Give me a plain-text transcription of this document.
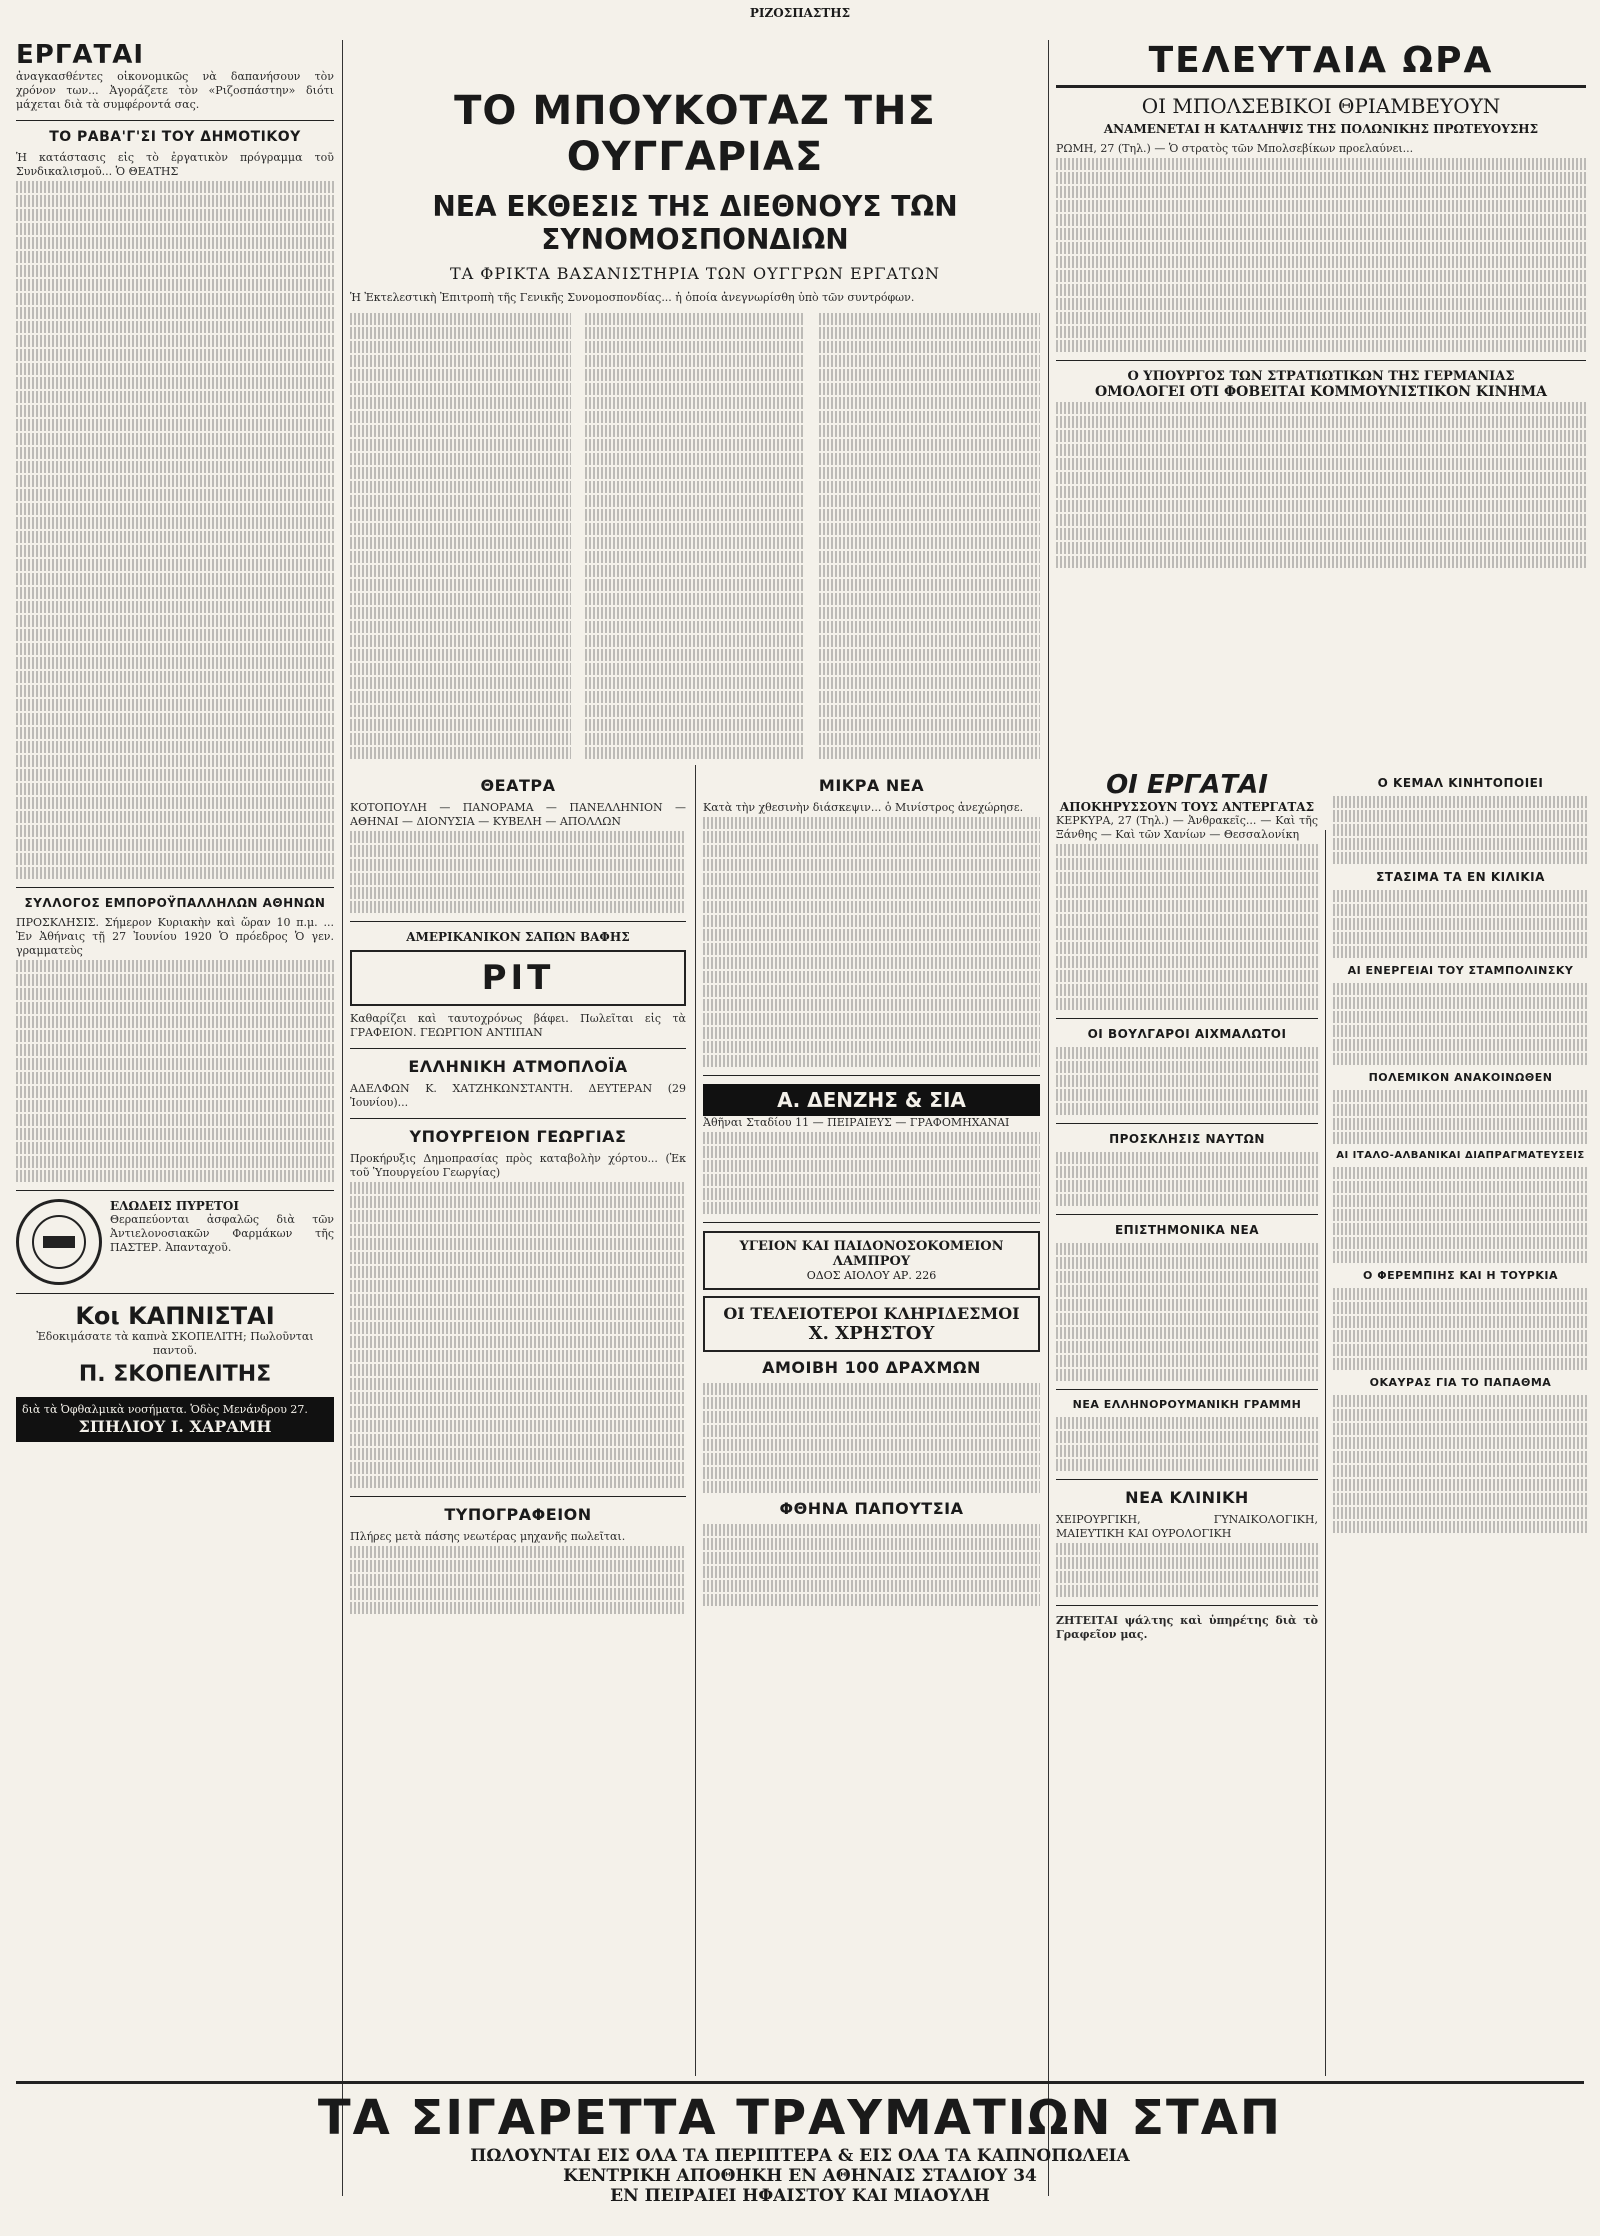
ΡΙΖΟΣΠΑΣΤΗΣ
ΕΡΓΑΤΑΙ
ἀναγκασθέντες οἰκονομικῶς νὰ δαπανήσουν τὸν χρόνον των... Ἀγοράζετε τὸν «Ριζοσπάστην» διότι μάχεται διὰ τὰ συμφέροντά σας.
ΤΟ ΡΑΒΑ'Γ'ΣΙ ΤΟΥ ΔΗΜΟΤΙΚΟΥ
Ἡ κατάστασις εἰς τὸ ἐργατικὸν πρόγραμμα τοῦ Συνδικαλισμοῦ... Ὁ ΘΕΑΤΗΣ
ΣΥΛΛΟΓΟΣ ΕΜΠΟΡΟΫΠΑΛΛΗΛΩΝ ΑΘΗΝΩΝ
ΠΡΟΣΚΛΗΣΙΣ. Σήμερον Κυριακὴν καὶ ὥραν 10 π.μ. ... Ἐν Ἀθήναις τῇ 27 Ἰουνίου 1920 Ὁ πρόεδρος Ὁ γεν. γραμματεὺς
ΕΛΩΔΕΙΣ ΠΥΡΕΤΟΙ
Θεραπεύονται ἀσφαλῶς διὰ τῶν Ἀντιελονοσιακῶν Φαρμάκων τῆς ΠΑΣΤΕΡ. Ἀπανταχοῦ.
Κοι ΚΑΠΝΙΣΤΑΙ
Ἐδοκιμάσατε τὰ καπνὰ ΣΚΟΠΕΛΙΤΗ; Πωλοῦνται παντοῦ.
Π. ΣΚΟΠΕΛΙΤΗΣ
διὰ τὰ Ὀφθαλμικὰ νοσήματα. Ὁδὸς Μενάνδρου 27.
ΣΠΗΛΙΟΥ Ι. ΧΑΡΑΜΗ
ΤΟ ΜΠΟΥΚΟΤΑΖ ΤΗΣ ΟΥΓΓΑΡΙΑΣ
ΝΕΑ ΕΚΘΕΣΙΣ ΤΗΣ ΔΙΕΘΝΟΥΣ ΤΩΝ ΣΥΝΟΜΟΣΠΟΝΔΙΩΝ
ΤΑ ΦΡΙΚΤΑ ΒΑΣΑΝΙΣΤΗΡΙΑ ΤΩΝ ΟΥΓΓΡΩΝ ΕΡΓΑΤΩΝ
Ἡ Ἐκτελεστικὴ Ἐπιτροπὴ τῆς Γενικῆς Συνομοσπονδίας... ἡ ὁποία ἀνεγνωρίσθη ὑπὸ τῶν συντρόφων.
ΘΕΑΤΡΑ
ΚΟΤΟΠΟΥΛΗ — ΠΑΝΟΡΑΜΑ — ΠΑΝΕΛΛΗΝΙΟΝ — ΑΘΗΝΑΙ — ΔΙΟΝΥΣΙΑ — ΚΥΒΕΛΗ — ΑΠΟΛΛΩΝ
ΑΜΕΡΙΚΑΝΙΚΟΝ ΣΑΠΩΝ ΒΑΦΗΣ
ΡΙΤ
Καθαρίζει καὶ ταυτοχρόνως βάφει. Πωλεῖται εἰς τὰ ΓΡΑΦΕΙΟΝ. ΓΕΩΡΓΙΟΝ ΑΝΤΙΠΑΝ
ΕΛΛΗΝΙΚΗ ΑΤΜΟΠΛΟΪΑ
ΑΔΕΛΦΩΝ Κ. ΧΑΤΖΗΚΩΝΣΤΑΝΤΗ. ΔΕΥΤΕΡΑΝ (29 Ἰουνίου)...
ΥΠΟΥΡΓΕΙΟΝ ΓΕΩΡΓΙΑΣ
Προκήρυξις Δημοπρασίας πρὸς καταβολὴν χόρτου... (Ἐκ τοῦ Ὑπουργείου Γεωργίας)
ΤΥΠΟΓΡΑΦΕΙΟΝ
Πλήρες μετὰ πάσης νεωτέρας μηχανῆς πωλεῖται.
ΜΙΚΡΑ ΝΕΑ
Κατὰ τὴν χθεσινὴν διάσκεψιν... ὁ Μινίστρος ἀνεχώρησε.
Α. ΔΕΝΖΗΣ & ΣΙΑ
Ἀθῆναι Σταδίου 11 — ΠΕΙΡΑΙΕΥΣ — ΓΡΑΦΟΜΗΧΑΝΑΙ
ΥΓΕΙΟΝ ΚΑΙ ΠΑΙΔΟΝΟΣΟΚΟΜΕΙΟΝ ΛΑΜΠΡΟΥ
ΟΔΟΣ ΑΙΟΛΟΥ ΑΡ. 226
ΟΙ ΤΕΛΕΙΟΤΕΡΟΙ ΚΛΗΡΙΔΕΣΜΟΙ
Χ. ΧΡΗΣΤΟΥ
ΑΜΟΙΒΗ 100 ΔΡΑΧΜΩΝ
ΦΘΗΝΑ ΠΑΠΟΥΤΣΙΑ
ΟΙ ΕΡΓΑΤΑΙ
ΑΠΟΚΗΡΥΣΣΟΥΝ ΤΟΥΣ ΑΝΤΕΡΓΑΤΑΣ
ΚΕΡΚΥΡΑ, 27 (Τηλ.) — Ἀνθρακεῖς... — Καὶ τῆς Ξάνθης — Καὶ τῶν Χανίων — Θεσσαλονίκη
ΟΙ ΒΟΥΛΓΑΡΟΙ ΑΙΧΜΑΛΩΤΟΙ
ΠΡΟΣΚΛΗΣΙΣ ΝΑΥΤΩΝ
ΕΠΙΣΤΗΜΟΝΙΚΑ ΝΕΑ
ΝΕΑ ΕΛΛΗΝΟΡΟΥΜΑΝΙΚΗ ΓΡΑΜΜΗ
ΝΕΑ ΚΛΙΝΙΚΗ
ΧΕΙΡΟΥΡΓΙΚΗ, ΓΥΝΑΙΚΟΛΟΓΙΚΗ, ΜΑΙΕΥΤΙΚΗ ΚΑΙ ΟΥΡΟΛΟΓΙΚΗ
ΖΗΤΕΙΤΑΙ ψάλτης καὶ ὑπηρέτης διὰ τὸ Γραφεῖον μας.
ΤΕΛΕΥΤΑΙΑ ΩΡΑ
ΟΙ ΜΠΟΛΣΕΒΙΚΟΙ ΘΡΙΑΜΒΕΥΟΥΝ
ΑΝΑΜΕΝΕΤΑΙ Η ΚΑΤΑΛΗΨΙΣ ΤΗΣ ΠΟΛΩΝΙΚΗΣ ΠΡΩΤΕΥΟΥΣΗΣ
ΡΩΜΗ, 27 (Τηλ.) — Ὁ στρατὸς τῶν Μπολσεβίκων προελαύνει...
Ο ΥΠΟΥΡΓΟΣ ΤΩΝ ΣΤΡΑΤΙΩΤΙΚΩΝ ΤΗΣ ΓΕΡΜΑΝΙΑΣ
ΟΜΟΛΟΓΕΙ ΟΤΙ ΦΟΒΕΙΤΑΙ ΚΟΜΜΟΥΝΙΣΤΙΚΟΝ ΚΙΝΗΜΑ
Ο ΚΕΜΑΛ ΚΙΝΗΤΟΠΟΙΕΙ
ΣΤΑΣΙΜΑ ΤΑ ΕΝ ΚΙΛΙΚΙΑ
ΑΙ ΕΝΕΡΓΕΙΑΙ ΤΟΥ ΣΤΑΜΠΟΛΙΝΣΚΥ
ΠΟΛΕΜΙΚΟΝ ΑΝΑΚΟΙΝΩΘΕΝ
ΑΙ ΙΤΑΛΟ-ΑΛΒΑΝΙΚΑΙ ΔΙΑΠΡΑΓΜΑΤΕΥΣΕΙΣ
Ο ΦΕΡΕΜΠΙΗΣ ΚΑΙ Η ΤΟΥΡΚΙΑ
ΟΚΑΥΡΑΣ ΓΙΑ ΤΟ ΠΑΠΑΘΜΑ
ΤΑ ΣΙΓΑΡΕΤΤΑ ΤΡΑΥΜΑΤΙΩΝ ΣΤΑΠ
ΠΩΛΟΥΝΤΑΙ ΕΙΣ ΟΛΑ ΤΑ ΠΕΡΙΠΤΕΡΑ & ΕΙΣ ΟΛΑ ΤΑ ΚΑΠΝΟΠΩΛΕΙΑ
ΚΕΝΤΡΙΚΗ ΑΠΟΘΗΚΗ ΕΝ ΑΘΗΝΑΙΣ ΣΤΑΔΙΟΥ 34
ΕΝ ΠΕΙΡΑΙΕΙ ΗΦΑΙΣΤΟΥ ΚΑΙ ΜΙΑΟΥΛΗ
